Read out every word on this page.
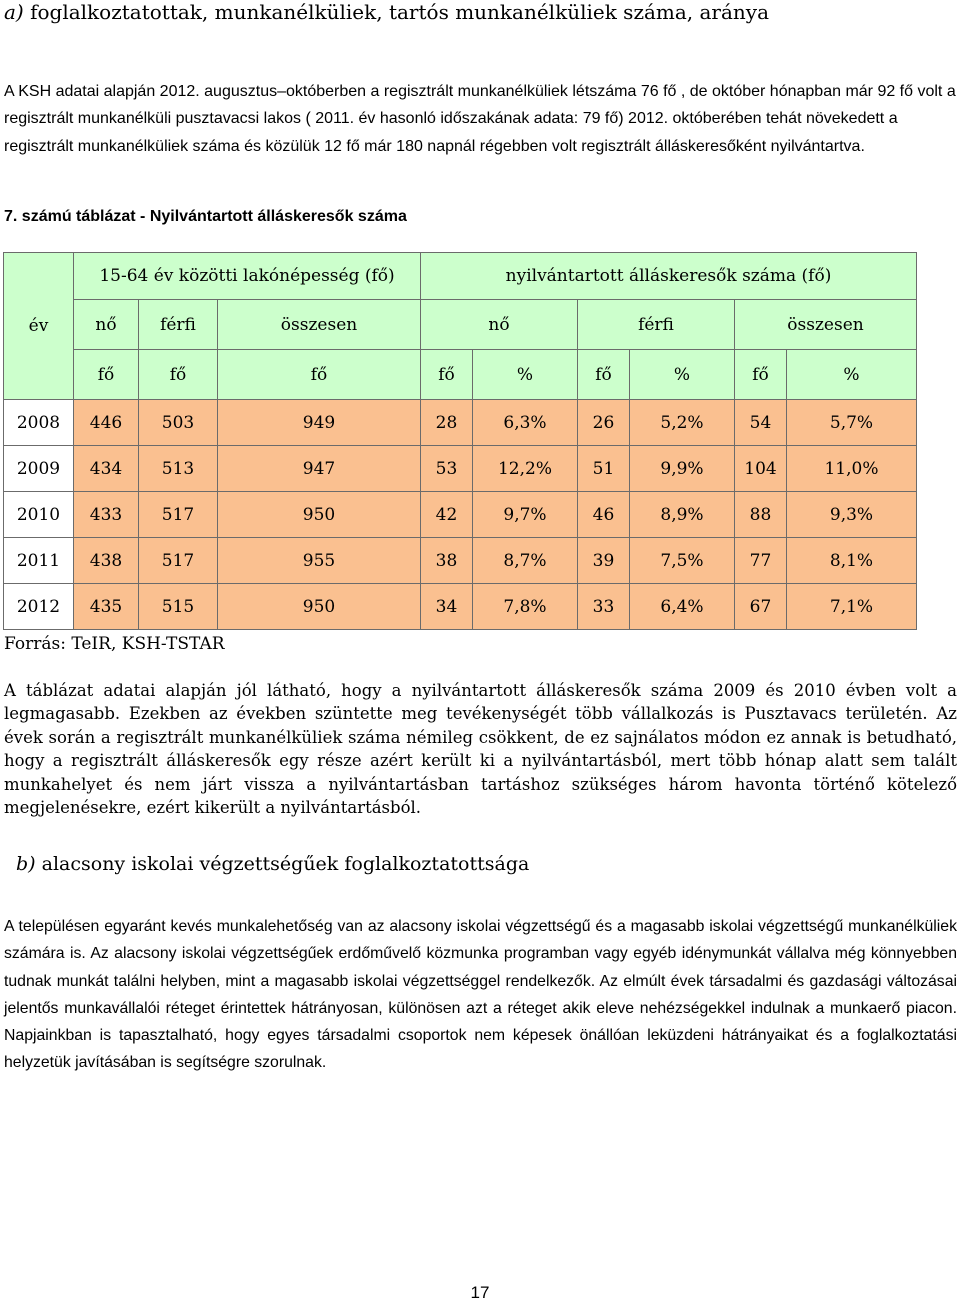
a) foglalkoztatottak, munkanélküliek, tartós munkanélküliek száma, aránya
A KSH adatai alapján 2012. augusztus–októberben a regisztrált munkanélküliek létszáma 76 fő , de október hónapban már 92 fő volt a regisztrált munkanélküli pusztavacsi lakos ( 2011. év hasonló időszakának adata: 79 fő) 2012. októberében tehát növekedett a regisztrált munkanélküliek száma és közülük 12 fő már 180 napnál régebben volt regisztrált álláskeresőként nyilvántartva.
7. számú táblázat - Nyilvántartott álláskeresők száma
év	15-64 év közötti lakónépesség (fő)			nyilvántartott álláskeresők száma (fő)					
	nő	férfi	összesen	nő		férfi		összesen	
	fő	fő	fő	fő	%	fő	%	fő	%
2008	446	503	949	28	6,3%	26	5,2%	54	5,7%
2009	434	513	947	53	12,2%	51	9,9%	104	11,0%
2010	433	517	950	42	9,7%	46	8,9%	88	9,3%
2011	438	517	955	38	8,7%	39	7,5%	77	8,1%
2012	435	515	950	34	7,8%	33	6,4%	67	7,1%
Forrás: TeIR, KSH-TSTAR
A táblázat adatai alapján jól látható, hogy a nyilvántartott álláskeresők száma 2009 és 2010 évben volt a legmagasabb. Ezekben az években szüntette meg tevékenységét több vállalkozás is Pusztavacs területén. Az évek során a regisztrált munkanélküliek száma némileg csökkent, de ez sajnálatos módon ez annak is betudható, hogy a regisztrált álláskeresők egy része azért került ki a nyilvántartásból, mert több hónap alatt sem talált munkahelyet és nem járt vissza a nyilvántartásban tartáshoz szükséges három havonta történő kötelező megjelenésekre, ezért kikerült a nyilvántartásból.
b) alacsony iskolai végzettségűek foglalkoztatottsága
A településen egyaránt kevés munkalehetőség van az alacsony iskolai végzettségű és a magasabb iskolai végzettségű munkanélküliek számára is. Az alacsony iskolai végzettségűek erdőművelő közmunka programban vagy egyéb idénymunkát vállalva még könnyebben tudnak munkát találni helyben, mint a magasabb iskolai végzettséggel rendelkezők. Az elmúlt évek társadalmi és gazdasági változásai jelentős munkavállalói réteget érintettek hátrányosan, különösen azt a réteget akik eleve nehézségekkel indulnak a munkaerő piacon. Napjainkban is tapasztalható, hogy egyes társadalmi csoportok nem képesek önállóan leküzdeni hátrányaikat és a foglalkoztatási helyzetük javításában is segítségre szorulnak.
17
